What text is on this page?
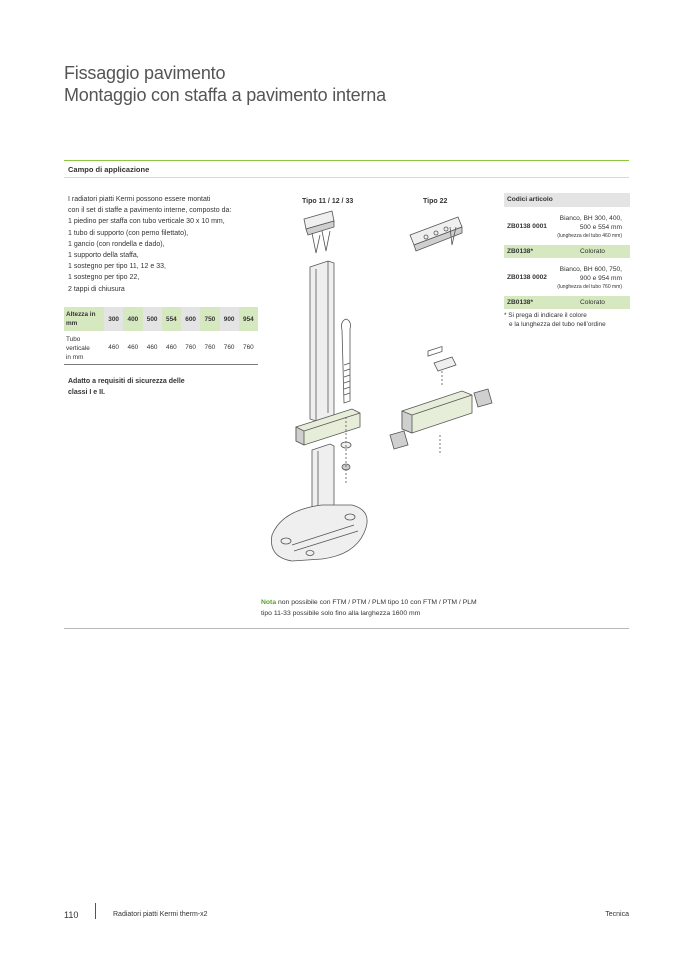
Fissaggio pavimento
Montaggio con staffa a pavimento interna
Campo di applicazione
I radiatori piatti Kermi possono essere montati
con il set di staffe a pavimento interne, composto da:
1 piedino per staffa con tubo verticale 30 x 10 mm,
1 tubo di supporto (con perno filettato),
1 gancio (con rondella e dado),
1 supporto della staffa,
1 sostegno per tipo 11, 12 e 33,
1 sostegno per tipo 22,
2 tappi di chiusura
Altezza in mm	300	400	500	554	600	750	900	954

Tubo
verticale
in mm	460	460	460	460	760	760	760	760
Adatto a requisiti di sicurezza delle
classi I e II.
Tipo 11 / 12 / 33	Tipo 22	Codici articolo
ZB0138 0001
Bianco, BH 300, 400,
500 e 554 mm
(lunghezza del tubo 460 mm)
ZB0138*	Colorato
ZB0138 0002
Bianco, BH 600, 750,
900 e 954 mm
(lunghezza del tubo 760 mm)
ZB0138*	Colorato
* Si prega di indicare il colore
e la lunghezza del tubo nell’ordine
Nota non possibile con FTM / PTM / PLM tipo 10 con FTM / PTM / PLM
tipo 11-33 possibile solo fino alla larghezza 1600 mm
110	Radiatori piatti Kermi therm-x2	Tecnica
